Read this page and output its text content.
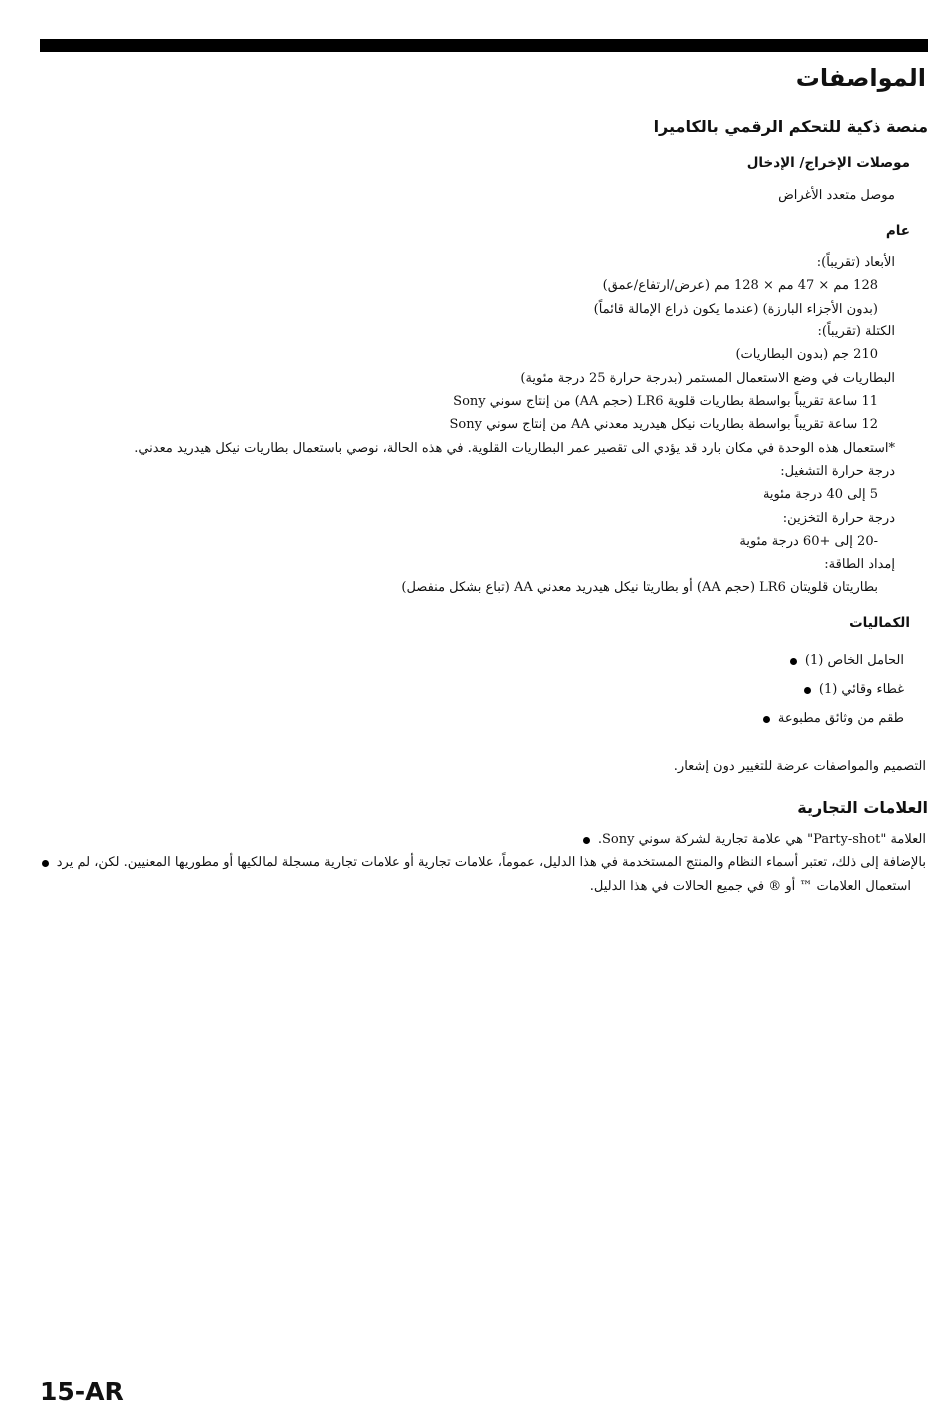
المواصفات
منصة ذكية للتحكم الرقمي بالكاميرا
موصلات الإخراج/ الإدخال
موصل متعدد الأغراض
عام
الأبعاد (تقريباً):
128 مم × 47 مم × 128 مم (عرض/ارتفاع/عمق)
(بدون الأجزاء البارزة) (عندما يكون ذراع الإمالة قائماً)
الكتلة (تقريباً):
210 جم (بدون البطاريات)
البطاريات في وضع الاستعمال المستمر (بدرجة حرارة 25 درجة مئوية)
11 ساعة تقريباً بواسطة بطاريات قلوية LR6 (حجم AA) من إنتاج سوني Sony
12 ساعة تقريباً بواسطة بطاريات نيكل هيدريد معدني AA من إنتاج سوني Sony
*استعمال هذه الوحدة في مكان بارد قد يؤدي الى تقصير عمر البطاريات القلوية. في هذه الحالة، نوصي باستعمال بطاريات نيكل هيدريد معدني.
درجة حرارة التشغيل:
5 إلى 40 درجة مئوية
درجة حرارة التخزين:
-20 إلى +60 درجة مئوية
إمداد الطاقة:
بطاريتان قلويتان LR6 (حجم AA) أو بطاريتا نيكل هيدريد معدني AA (تباع بشكل منفصل)
الكماليات
الحامل الخاص (1)
غطاء وقائي (1)
طقم من وثائق مطبوعة
التصميم والمواصفات عرضة للتغيير دون إشعار.
العلامات التجارية
العلامة "Party-shot" هي علامة تجارية لشركة سوني Sony.
بالإضافة إلى ذلك، تعتبر أسماء النظام والمنتج المستخدمة في هذا الدليل، عموماً، علامات تجارية أو علامات تجارية مسجلة لمالكيها أو مطوريها المعنيين. لكن، لم يرد
استعمال العلامات ™ أو ® في جميع الحالات في هذا الدليل.
15-AR
